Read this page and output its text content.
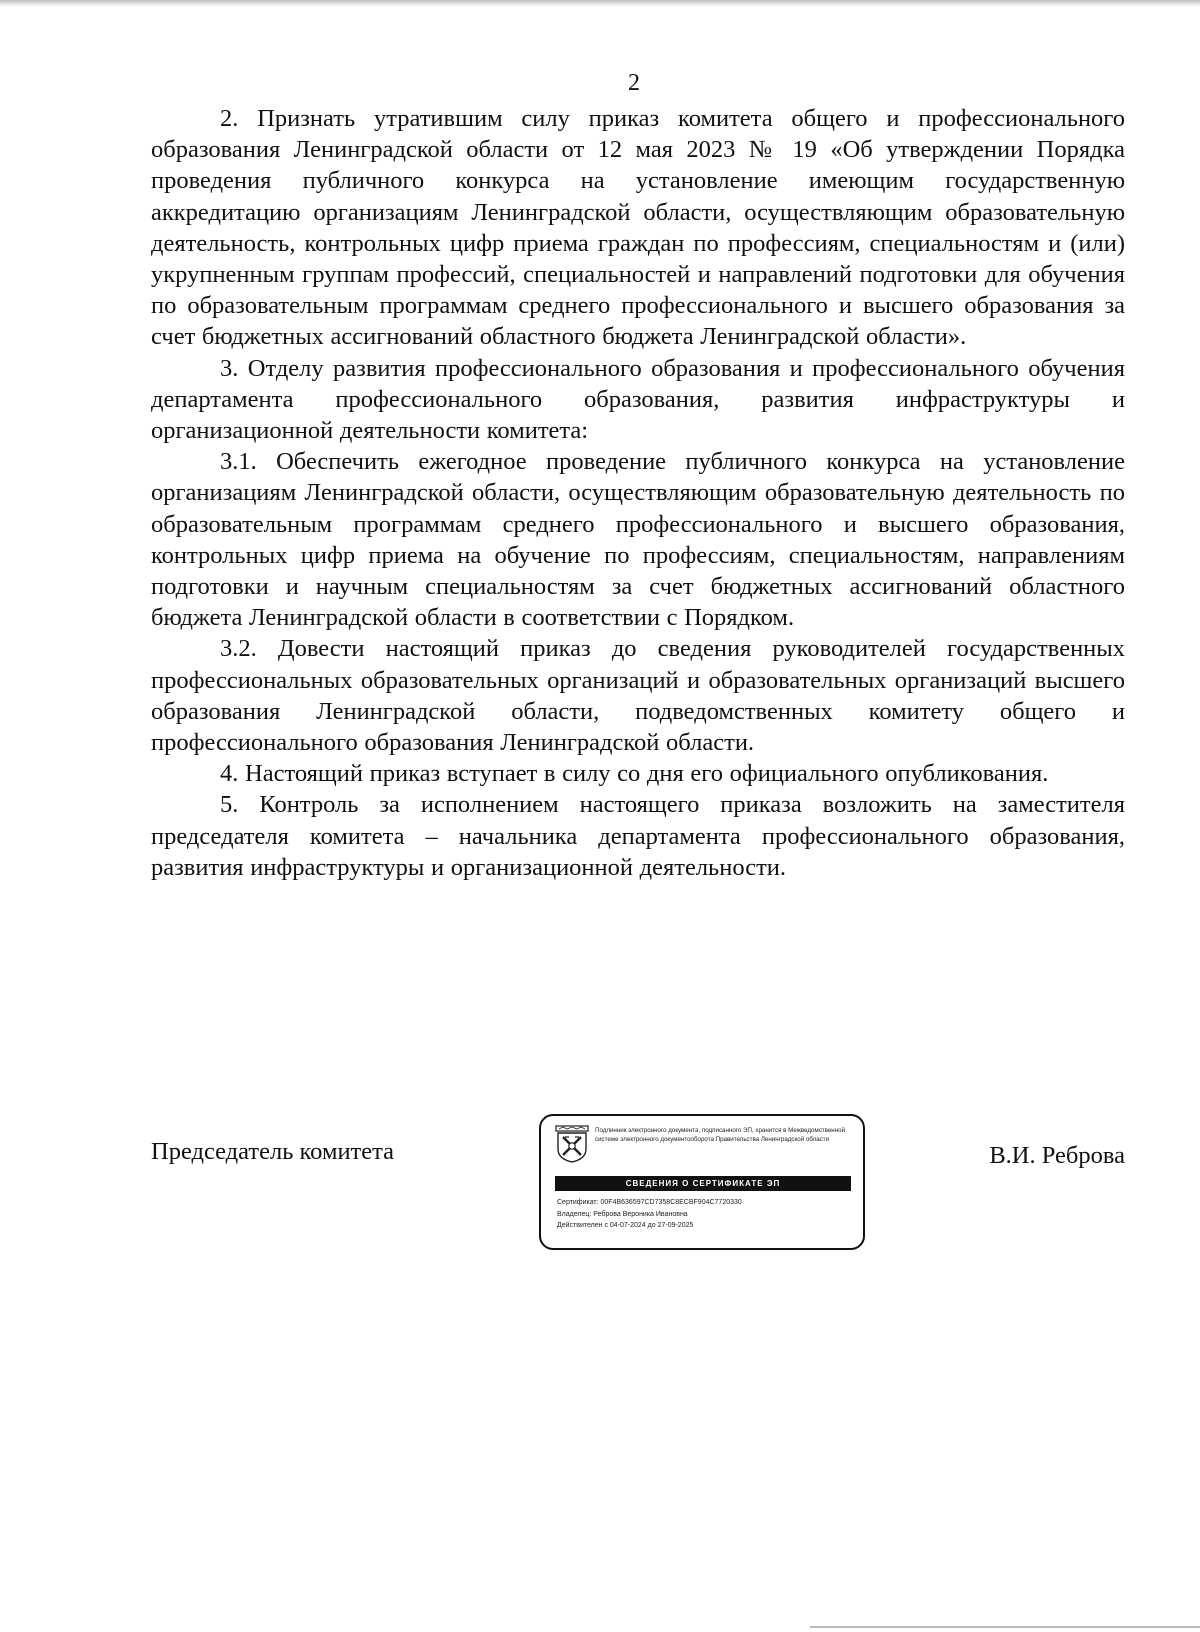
2

2. Признать утратившим силу приказ комитета общего и профессионального образования Ленинградской области от 12 мая 2023 № 19 «Об утверждении Порядка проведения публичного конкурса на установление имеющим государственную аккредитацию организациям Ленинградской области, осуществляющим образовательную деятельность, контрольных цифр приема граждан по профессиям, специальностям и (или) укрупненным группам профессий, специальностей и направлений подготовки для обучения по образовательным программам среднего профессионального и высшего образования за счет бюджетных ассигнований областного бюджета Ленинградской области».

3. Отделу развития профессионального образования и профессионального обучения департамента профессионального образования, развития инфраструктуры и организационной деятельности комитета:

3.1. Обеспечить ежегодное проведение публичного конкурса на установление организациям Ленинградской области, осуществляющим образовательную деятельность по образовательным программам среднего профессионального и высшего образования, контрольных цифр приема на обучение по профессиям, специальностям, направлениям подготовки и научным специальностям за счет бюджетных ассигнований областного бюджета Ленинградской области в соответствии с Порядком.

3.2. Довести настоящий приказ до сведения руководителей государственных профессиональных образовательных организаций и образовательных организаций высшего образования Ленинградской области, подведомственных комитету общего и профессионального образования Ленинградской области.

4. Настоящий приказ вступает в силу со дня его официального опубликования.

5. Контроль за исполнением настоящего приказа возложить на заместителя председателя комитета – начальника департамента профессионального образования, развития инфраструктуры и организационной деятельности.

Председатель комитета
Подлинник электронного документа, подписанного ЭП, хранится в Межведомственной системе электронного документооборота Правительства Ленинградской области
СВЕДЕНИЯ О СЕРТИФИКАТЕ ЭП
Сертификат: 00F4B636597CD7358C8ECBF904C7720330
Владелец: Реброва Вероника Ивановна
Действителен с 04-07-2024 до 27-09-2025
В.И. Реброва
